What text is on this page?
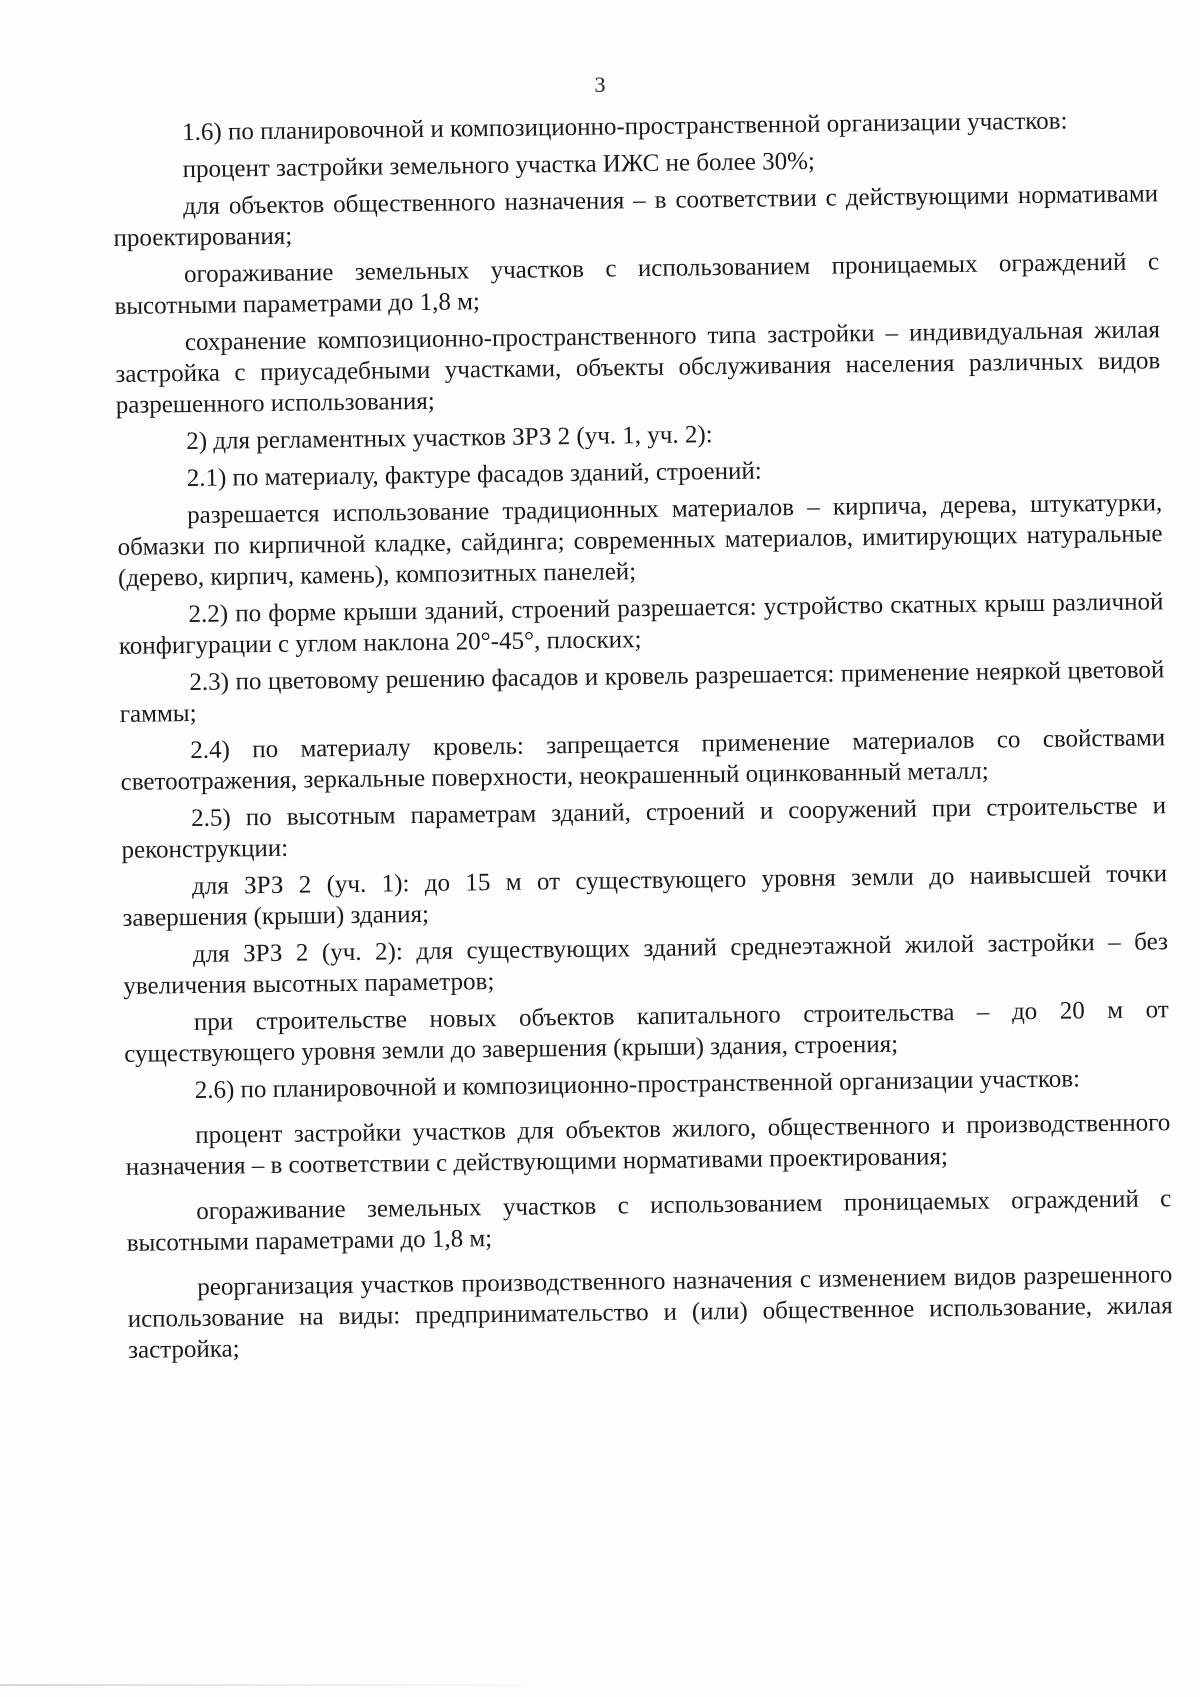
3

1.6) по планировочной и композиционно-пространственной организации участков:

процент застройки земельного участка ИЖС не более 30%;

для объектов общественного назначения – в соответствии с действующими нормативами проектирования;

огораживание земельных участков с использованием проницаемых ограждений с высотными параметрами до 1,8 м;

сохранение композиционно-пространственного типа застройки – индивидуальная жилая застройка с приусадебными участками, объекты обслуживания населения различных видов разрешенного использования;

2) для регламентных участков ЗРЗ 2 (уч. 1, уч. 2):

2.1) по материалу, фактуре фасадов зданий, строений:

разрешается использование традиционных материалов – кирпича, дерева, штукатурки, обмазки по кирпичной кладке, сайдинга; современных материалов, имитирующих натуральные (дерево, кирпич, камень), композитных панелей;

2.2) по форме крыши зданий, строений разрешается: устройство скатных крыш различной конфигурации с углом наклона 20°-45°, плоских;

2.3) по цветовому решению фасадов и кровель разрешается: применение неяркой цветовой гаммы;

2.4) по материалу кровель: запрещается применение материалов со свойствами светоотражения, зеркальные поверхности, неокрашенный оцинкованный металл;

2.5) по высотным параметрам зданий, строений и сооружений при строительстве и реконструкции:

для ЗРЗ 2 (уч. 1): до 15 м от существующего уровня земли до наивысшей точки завершения (крыши) здания;

для ЗРЗ 2 (уч. 2): для существующих зданий среднеэтажной жилой застройки – без увеличения высотных параметров;

при строительстве новых объектов капитального строительства – до 20 м от существующего уровня земли до завершения (крыши) здания, строения;

2.6) по планировочной и композиционно-пространственной организации участков:

процент застройки участков для объектов жилого, общественного и производственного назначения – в соответствии с действующими нормативами проектирования;

огораживание земельных участков с использованием проницаемых ограждений с высотными параметрами до 1,8 м;

реорганизация участков производственного назначения с изменением видов разрешенного использование на виды: предпринимательство и (или) общественное использование, жилая застройка;
